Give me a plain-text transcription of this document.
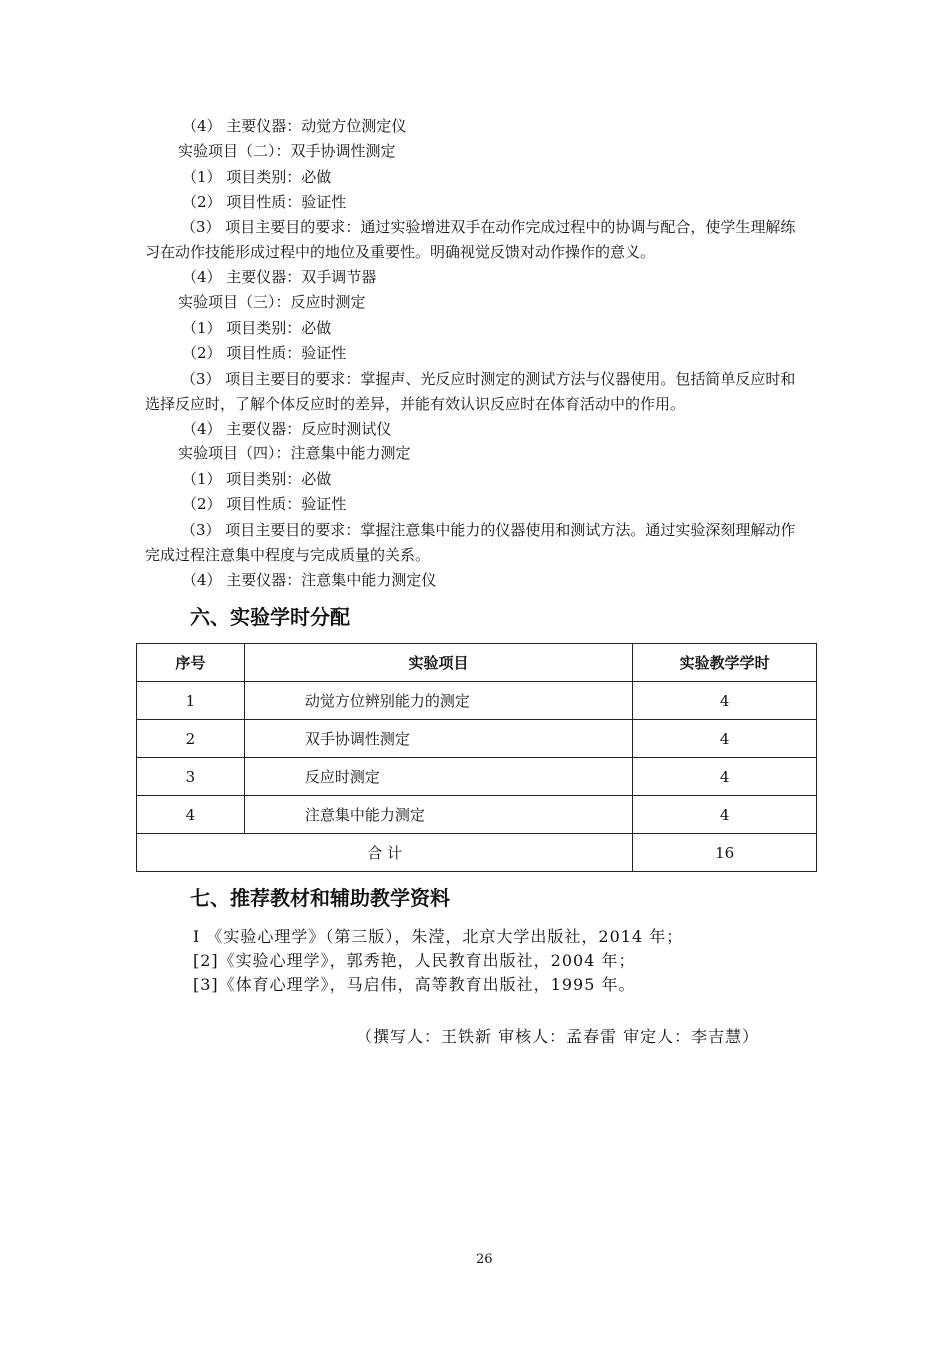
（4） 主要仪器：动觉方位测定仪
实验项目（二）：双手协调性测定
（1） 项目类别：必做
（2） 项目性质：验证性
（3） 项目主要目的要求：通过实验增进双手在动作完成过程中的协调与配合，使学生理解练习在动作技能形成过程中的地位及重要性。明确视觉反馈对动作操作的意义。
（4） 主要仪器：双手调节器
实验项目（三）：反应时测定
（1） 项目类别：必做
（2） 项目性质：验证性
（3） 项目主要目的要求：掌握声、光反应时测定的测试方法与仪器使用。包括简单反应时和选择反应时，了解个体反应时的差异，并能有效认识反应时在体育活动中的作用。
（4） 主要仪器：反应时测试仪
实验项目（四）：注意集中能力测定
（1） 项目类别：必做
（2） 项目性质：验证性
（3） 项目主要目的要求：掌握注意集中能力的仪器使用和测试方法。通过实验深刻理解动作完成过程注意集中程度与完成质量的关系。
（4） 主要仪器：注意集中能力测定仪
六、实验学时分配
序号	实验项目	实验教学学时
1	动觉方位辨别能力的测定	4
2	双手协调性测定	4
3	反应时测定	4
4	注意集中能力测定	4
合 计		16
七、推荐教材和辅助教学资料
I 《实验心理学》（第三版），朱滢，北京大学出版社，2014 年；
[2]《实验心理学》，郭秀艳，人民教育出版社，2004 年；
[3]《体育心理学》，马启伟，高等教育出版社，1995 年。
（撰写人：王铁新 审核人：孟春雷 审定人：李吉慧）
26
